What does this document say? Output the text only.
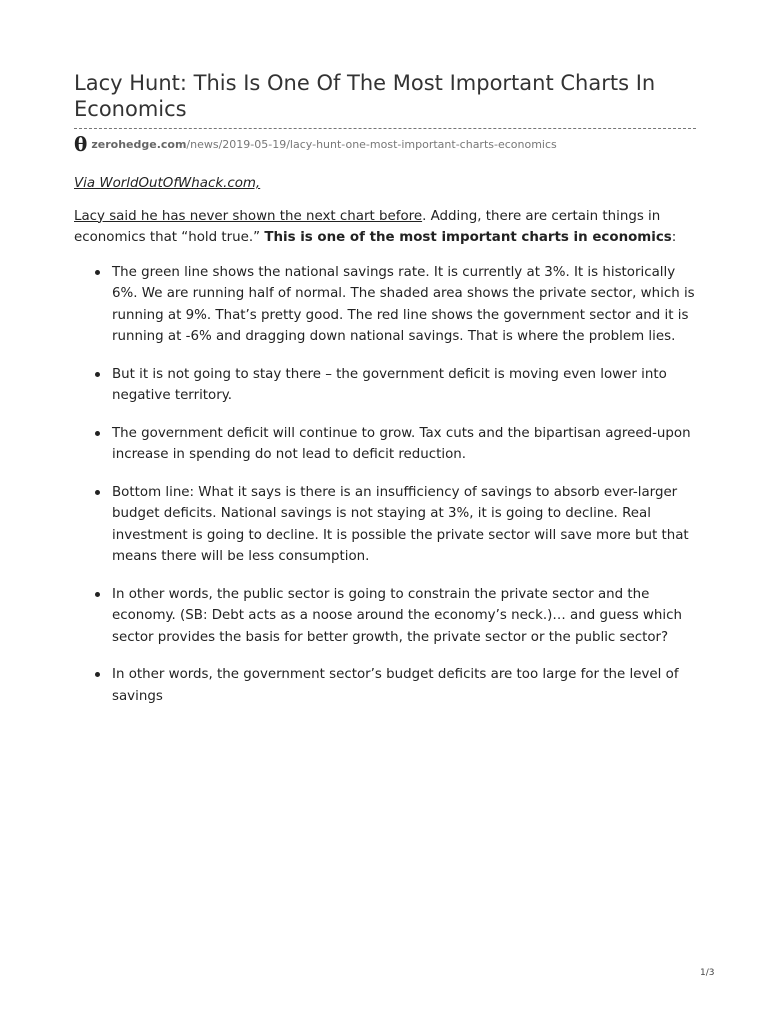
Lacy Hunt: This Is One Of The Most Important Charts In Economics
θ zerohedge.com /news/2019-05-19/lacy-hunt-one-most-important-charts-economics
Via WorldOutOfWhack.com,

Lacy said he has never shown the next chart before. Adding, there are certain things in economics that “hold true.” This is one of the most important charts in economics:

The green line shows the national savings rate. It is currently at 3%. It is historically 6%. We are running half of normal. The shaded area shows the private sector, which is running at 9%. That’s pretty good. The red line shows the government sector and it is running at -6% and dragging down national savings. That is where the problem lies.
But it is not going to stay there – the government deficit is moving even lower into negative territory.
The government deficit will continue to grow. Tax cuts and the bipartisan agreed-upon increase in spending do not lead to deficit reduction.
Bottom line: What it says is there is an insufficiency of savings to absorb ever-larger budget deficits. National savings is not staying at 3%, it is going to decline. Real investment is going to decline. It is possible the private sector will save more but that means there will be less consumption.
In other words, the public sector is going to constrain the private sector and the economy. (SB: Debt acts as a noose around the economy’s neck.)… and guess which sector provides the basis for better growth, the private sector or the public sector?
In other words, the government sector’s budget deficits are too large for the level of savings
1/3
